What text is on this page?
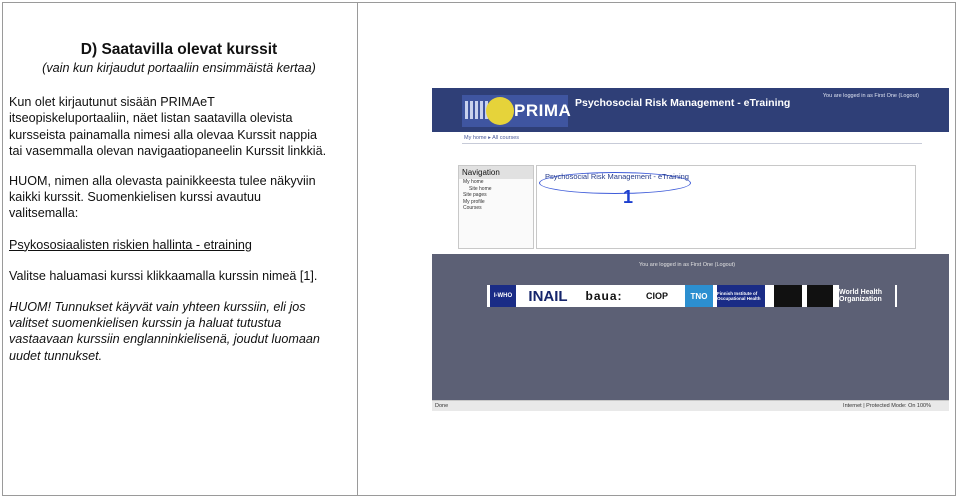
D) Saatavilla olevat kurssit

(vain kun kirjaudut portaaliin ensimmäistä kertaa)

Kun olet kirjautunut sisään PRIMAeT

itseopiskeluportaaliin, näet listan saatavilla olevista

kursseista painamalla nimesi alla olevaa Kurssit nappia

tai vasemmalla olevan navigaatiopaneelin Kurssit linkkiä.

HUOM, nimen alla olevasta painikkeesta tulee näkyviin

kaikki kurssit. Suomenkielisen kurssi avautuu

valitsemalla:

Psykososiaalisten riskien hallinta - etraining

Valitse haluamasi kurssi klikkaamalla kurssin nimeä [1].

HUOM! Tunnukset käyvät vain yhteen kurssiin, eli jos

valitset suomenkielisen kurssin ja haluat tutustua

vastaavaan kurssiin englanninkielisenä, joudut luomaan

uudet tunnukset.

PRIMA Psychosocial Risk Management - eTraining
You are logged in as First One (Logout)
My home ▸ All courses
Navigation
My home
Site home
Site pages
My profile
Courses
Psychosocial Risk Management - eTraining
1
You are logged in as First One (Logout)
I-WHO	INAIL	baua:	CIOP	TNO	Finnish Institute of Occupational Health
World Health Organization
Done	Internet | Protected Mode: On 100%
